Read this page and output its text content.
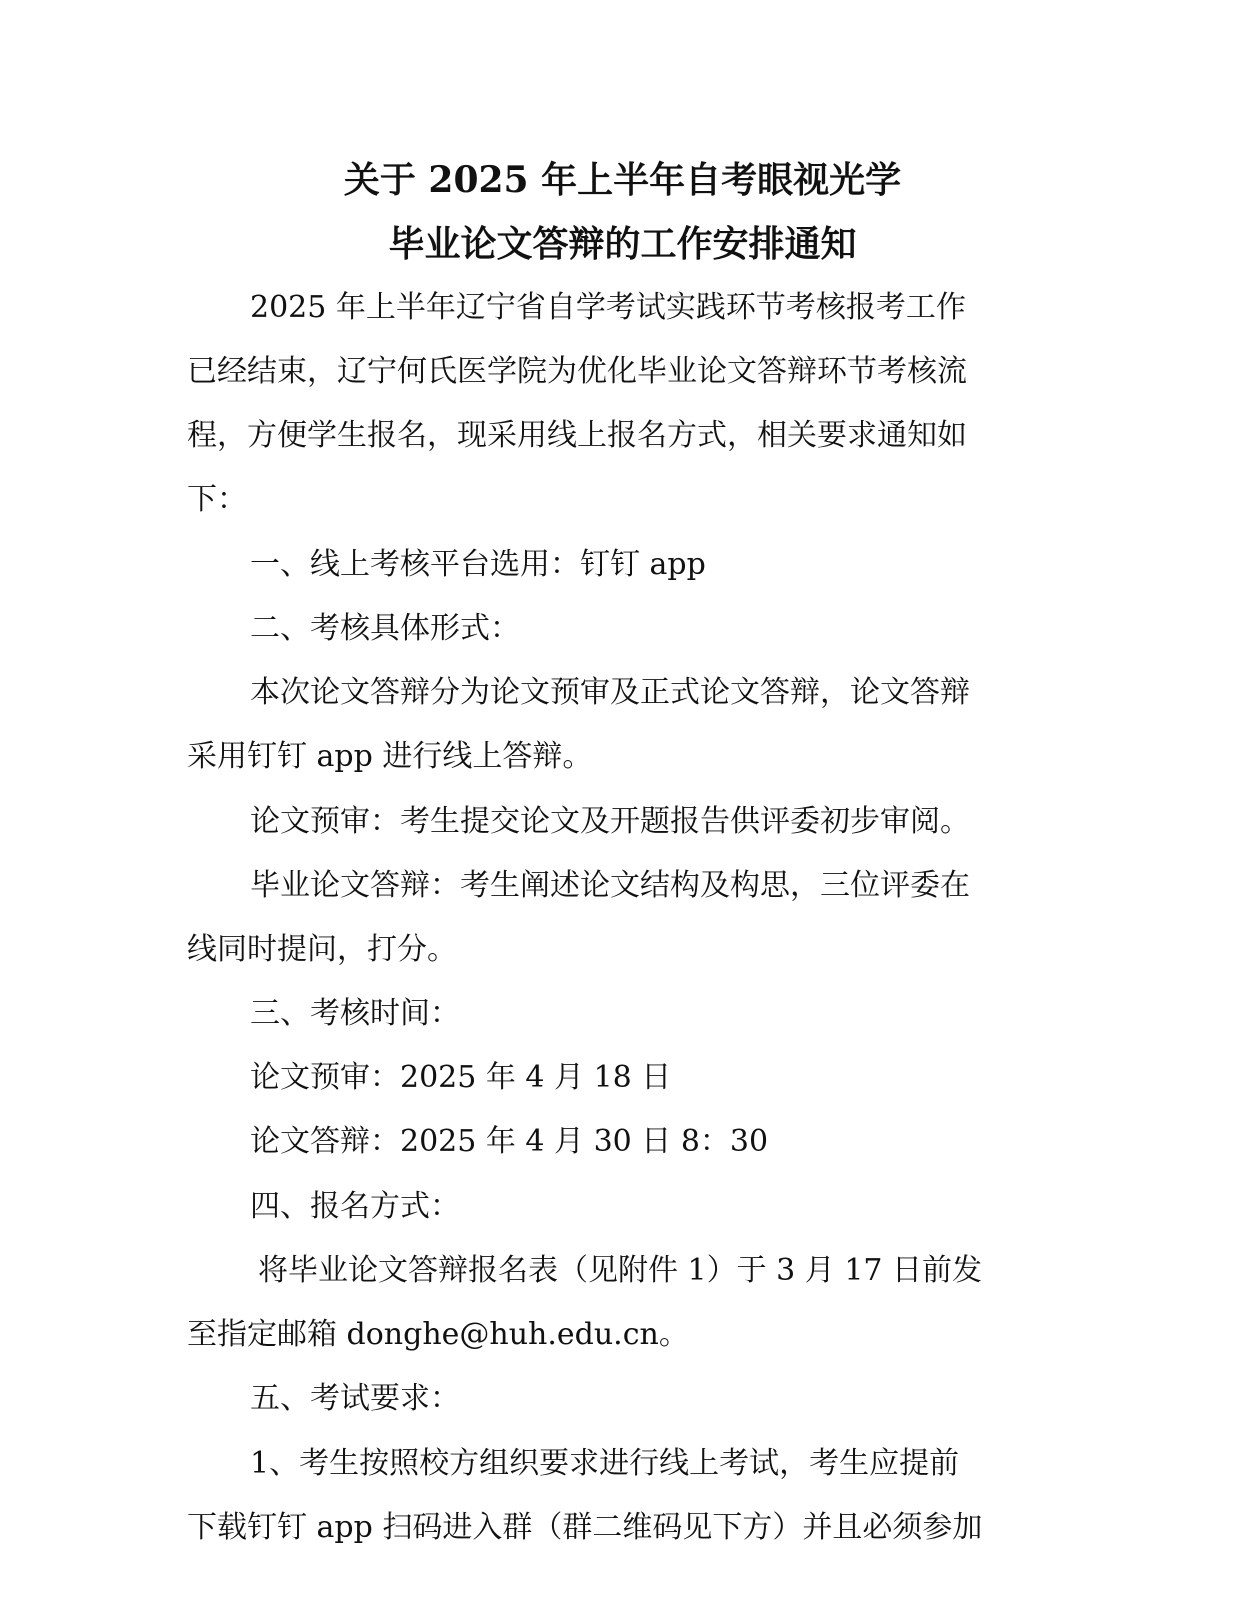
关于 2025 年上半年自考眼视光学
毕业论文答辩的工作安排通知
2025 年上半年辽宁省自学考试实践环节考核报考工作
已经结束，辽宁何氏医学院为优化毕业论文答辩环节考核流
程，方便学生报名，现采用线上报名方式，相关要求通知如
下：
一、线上考核平台选用：钉钉 app
二、考核具体形式：
本次论文答辩分为论文预审及正式论文答辩，论文答辩
采用钉钉 app 进行线上答辩。
论文预审：考生提交论文及开题报告供评委初步审阅。
毕业论文答辩：考生阐述论文结构及构思，三位评委在
线同时提问，打分。
三、考核时间：
论文预审：2025 年 4 月 18 日
论文答辩：2025 年 4 月 30 日 8：30
四、报名方式：
将毕业论文答辩报名表（见附件 1）于 3 月 17 日前发
至指定邮箱 donghe@huh.edu.cn。
五、考试要求：
1、考生按照校方组织要求进行线上考试，考生应提前
下载钉钉 app 扫码进入群（群二维码见下方）并且必须参加
